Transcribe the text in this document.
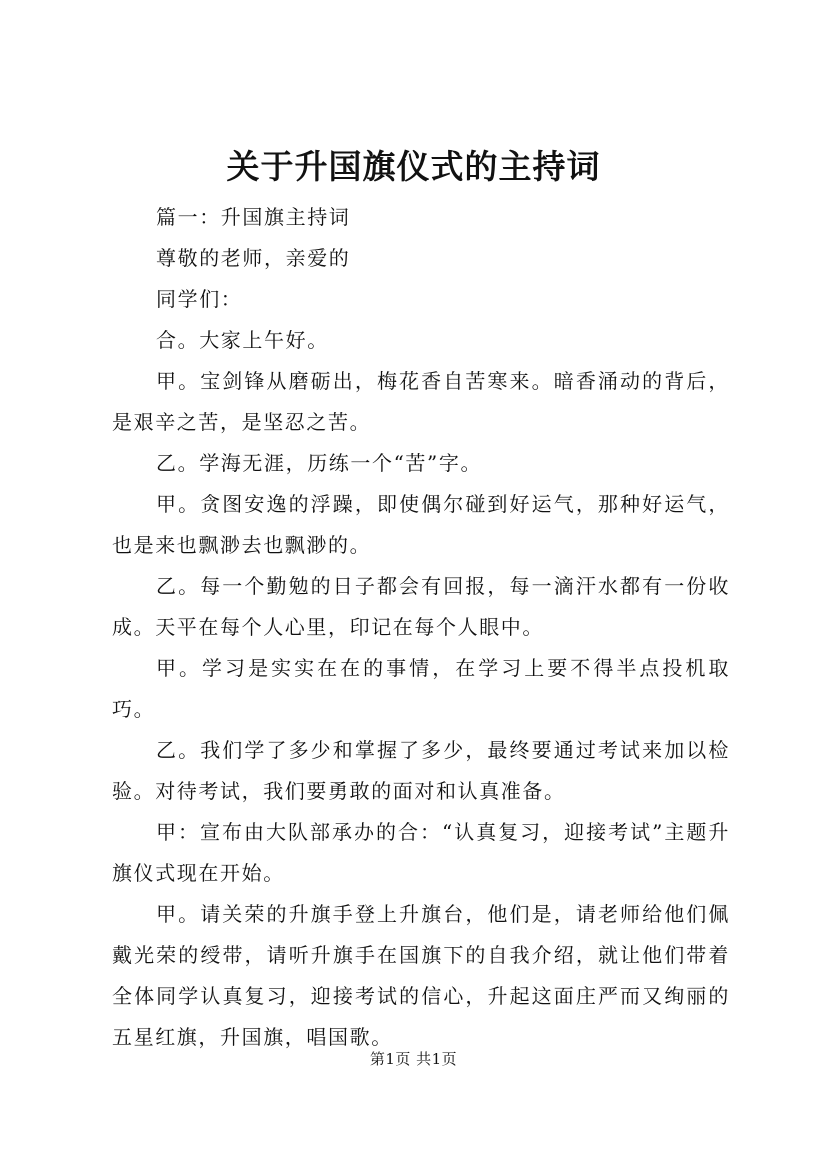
关于升国旗仪式的主持词

篇一：升国旗主持词

尊敬的老师，亲爱的

同学们：

合。大家上午好。

甲。宝剑锋从磨砺出，梅花香自苦寒来。暗香涌动的背后，是艰辛之苦，是坚忍之苦。

乙。学海无涯，历练一个“苦”字。

甲。贪图安逸的浮躁，即使偶尔碰到好运气，那种好运气，也是来也飘渺去也飘渺的。

乙。每一个勤勉的日子都会有回报，每一滴汗水都有一份收成。天平在每个人心里，印记在每个人眼中。

甲。学习是实实在在的事情，在学习上要不得半点投机取巧。

乙。我们学了多少和掌握了多少，最终要通过考试来加以检验。对待考试，我们要勇敢的面对和认真准备。

甲：宣布由大队部承办的合：“认真复习，迎接考试”主题升旗仪式现在开始。

甲。请关荣的升旗手登上升旗台，他们是，请老师给他们佩戴光荣的绶带，请听升旗手在国旗下的自我介绍，就让他们带着全体同学认真复习，迎接考试的信心，升起这面庄严而又绚丽的五星红旗，升国旗，唱国歌。

第1页 共1页
